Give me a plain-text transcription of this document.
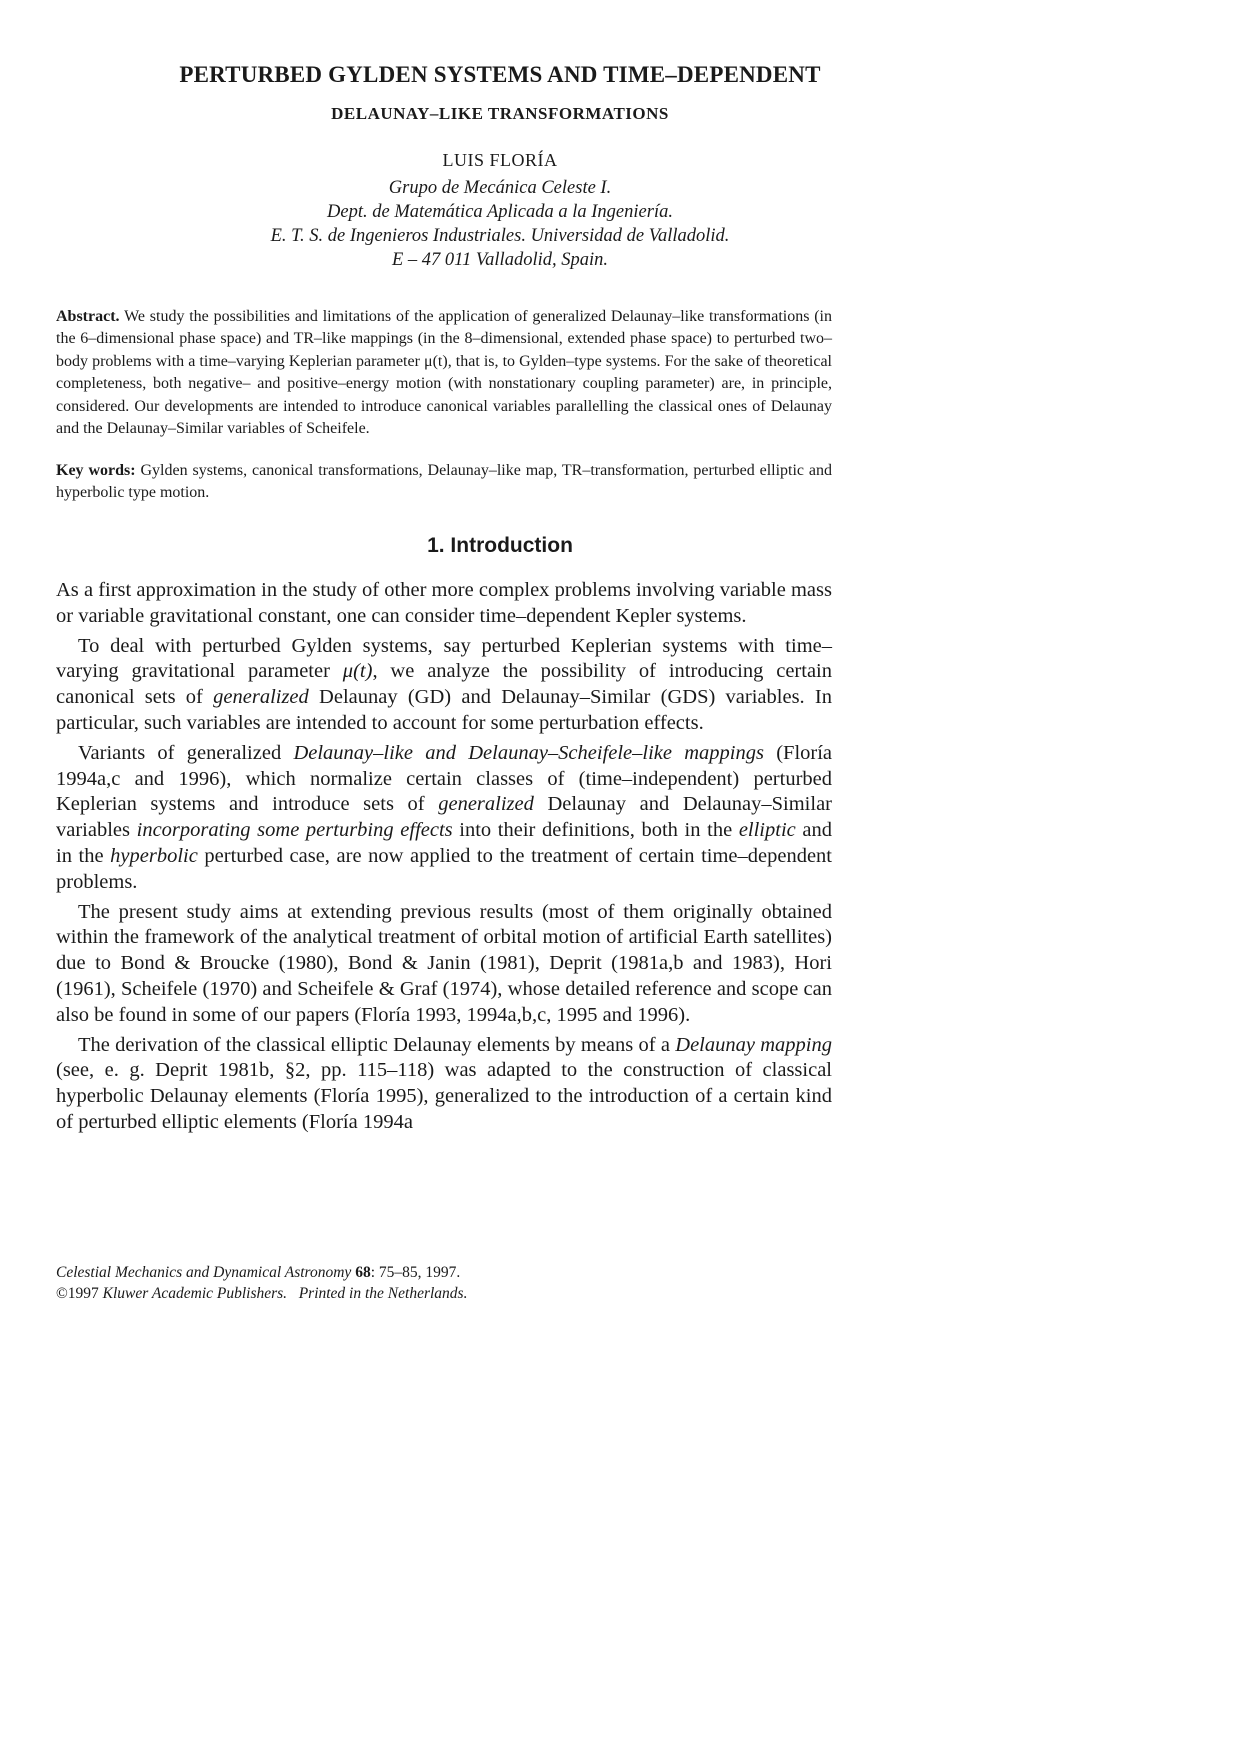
PERTURBED GYLDEN SYSTEMS AND TIME–DEPENDENT
DELAUNAY–LIKE TRANSFORMATIONS
LUIS FLORÍA
Grupo de Mecánica Celeste I.
Dept. de Matemática Aplicada a la Ingeniería.
E. T. S. de Ingenieros Industriales. Universidad de Valladolid.
E – 47 011 Valladolid, Spain.
Abstract. We study the possibilities and limitations of the application of generalized Delaunay–like transformations (in the 6–dimensional phase space) and TR–like mappings (in the 8–dimensional, extended phase space) to perturbed two–body problems with a time–varying Keplerian parameter μ(t), that is, to Gylden–type systems. For the sake of theoretical completeness, both negative– and positive–energy motion (with nonstationary coupling parameter) are, in principle, considered. Our developments are intended to introduce canonical variables parallelling the classical ones of Delaunay and the Delaunay–Similar variables of Scheifele.
Key words: Gylden systems, canonical transformations, Delaunay–like map, TR–transformation, perturbed elliptic and hyperbolic type motion.
1. Introduction

As a first approximation in the study of other more complex problems involving variable mass or variable gravitational constant, one can consider time–dependent Kepler systems.

To deal with perturbed Gylden systems, say perturbed Keplerian systems with time–varying gravitational parameter μ(t), we analyze the possibility of introducing certain canonical sets of generalized Delaunay (GD) and Delaunay–Similar (GDS) variables. In particular, such variables are intended to account for some perturbation effects.

Variants of generalized Delaunay–like and Delaunay–Scheifele–like mappings (Floría 1994a,c and 1996), which normalize certain classes of (time–independent) perturbed Keplerian systems and introduce sets of generalized Delaunay and Delaunay–Similar variables incorporating some perturbing effects into their definitions, both in the elliptic and in the hyperbolic perturbed case, are now applied to the treatment of certain time–dependent problems.

The present study aims at extending previous results (most of them originally obtained within the framework of the analytical treatment of orbital motion of artificial Earth satellites) due to Bond & Broucke (1980), Bond & Janin (1981), Deprit (1981a,b and 1983), Hori (1961), Scheifele (1970) and Scheifele & Graf (1974), whose detailed reference and scope can also be found in some of our papers (Floría 1993, 1994a,b,c, 1995 and 1996).

The derivation of the classical elliptic Delaunay elements by means of a Delaunay mapping (see, e. g. Deprit 1981b, §2, pp. 115–118) was adapted to the construction of classical hyperbolic Delaunay elements (Floría 1995), generalized to the introduction of a certain kind of perturbed elliptic elements (Floría 1994a

Celestial Mechanics and Dynamical Astronomy 68: 75–85, 1997.
©1997 Kluwer Academic Publishers. Printed in the Netherlands.
